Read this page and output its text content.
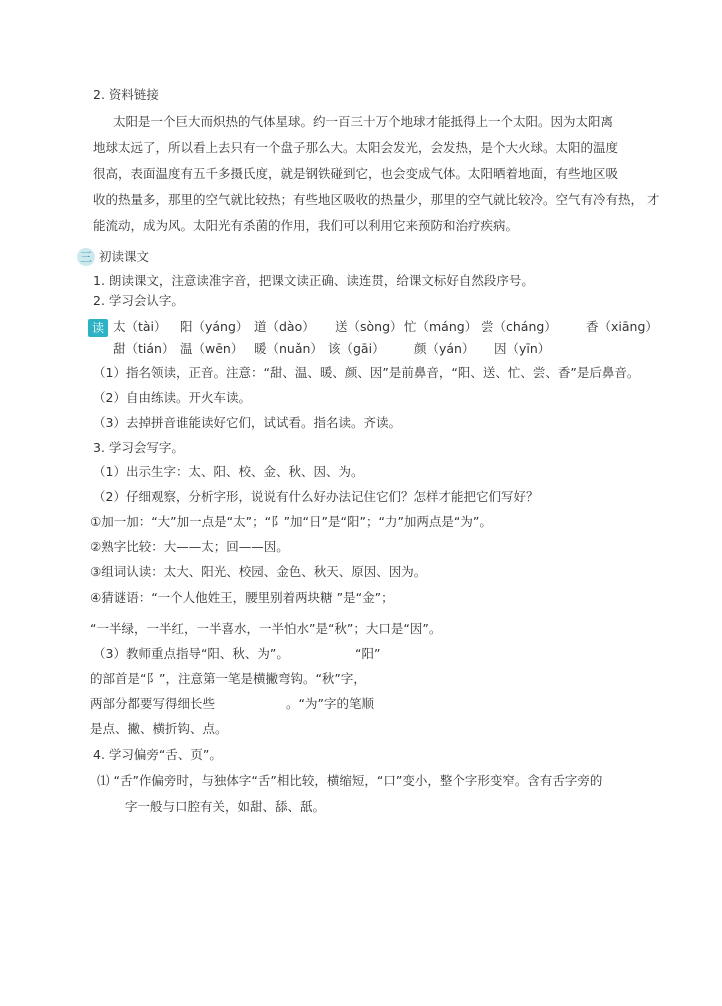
2. 资料链接
太阳是一个巨大而炽热的气体星球。约一百三十万个地球才能抵得上一个太阳。因为太阳离
地球太远了，所以看上去只有一个盘子那么大。太阳会发光，会发热，是个大火球。太阳的温度
很高，表面温度有五千多摄氏度，就是钢铁碰到它，也会变成气体。太阳晒着地面，有些地区吸
收的热量多，那里的空气就比较热；有些地区吸收的热量少，那里的空气就比较冷。空气有冷有热， 才
能流动，成为风。太阳光有杀菌的作用，我们可以利用它来预防和治疗疾病。
三 初读课文
1. 朗读课文，注意读准字音，把课文读正确、读连贯，给课文标好自然段序号。
2. 学习会认字。
读 太（tài） 阳（yáng） 道（dào） 送（sòng） 忙（máng） 尝（cháng） 香（xiāng）
甜（tián） 温（wēn） 暖（nuǎn） 该（gāi） 颜（yán） 因（yīn）
（1）指名领读，正音。注意：“甜、温、暖、颜、因”是前鼻音，“阳、送、忙、尝、香”是后鼻音。
（2）自由练读。开火车读。
（3）去掉拼音谁能读好它们，试试看。指名读。齐读。
3. 学习会写字。
（1）出示生字：太、阳、校、金、秋、因、为。
（2）仔细观察，分析字形，说说有什么好办法记住它们？怎样才能把它们写好？
①加一加：“大”加一点是“太”；“阝”加“日”是“阳”；“力”加两点是“为”。
②熟字比较：大——太；回——因。
③组词认读：太大、阳光、校园、金色、秋天、原因、因为。
④猜谜语：“一个人他姓王，腰里别着两块糖 ”是“金”；
“一半绿，一半红，一半喜水，一半怕水”是“秋”；大口是“因”。
（3）教师重点指导“阳、秋、为”。	“阳”
的部首是“阝”，注意第一笔是横撇弯钩。“秋”字，
两部分都要写得细长些	。“为”字的笔顺
是点、撇、横折钩、点。
4. 学习偏旁“舌、页”。
⑴ “舌”作偏旁时，与独体字“舌”相比较，横缩短，“口”变小，整个字形变窄。含有舌字旁的
字一般与口腔有关，如甜、舔、舐。
